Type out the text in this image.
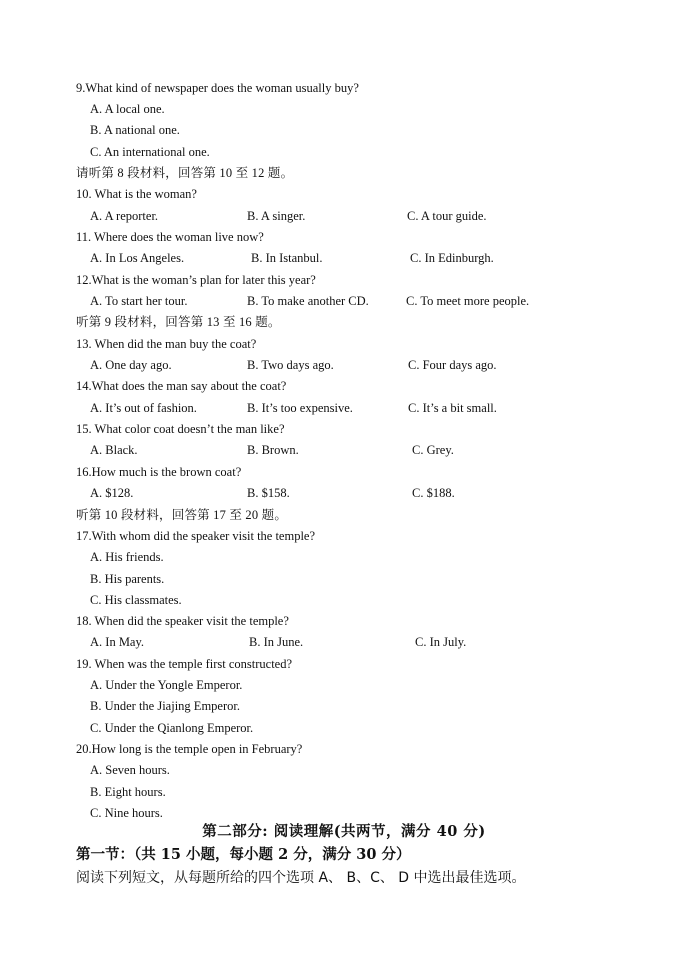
9.What kind of newspaper does the woman usually buy?
A. A local one.
B. A national one.
C. An international one.
请听第 8 段材料，回答第 10 至 12 题。
10. What is the woman?
A. A reporter.	B. A singer.	C. A tour guide.
11. Where does the woman live now?
A. In Los Angeles.	B. In Istanbul.	C. In Edinburgh.
12.What is the woman’s plan for later this year?
A. To start her tour.	B. To make another CD.	C. To meet more people.
听第 9 段材料，回答第 13 至 16 题。
13. When did the man buy the coat?
A. One day ago.	B. Two days ago.	C. Four days ago.
14.What does the man say about the coat?
A. It’s out of fashion.	B. It’s too expensive.	C. It’s a bit small.
15. What color coat doesn’t the man like?
A. Black.	B. Brown.	C. Grey.
16.How much is the brown coat?
A. $128.	B. $158.	C. $188.
听第 10 段材料，回答第 17 至 20 题。
17.With whom did the speaker visit the temple?
A. His friends.
B. His parents.
C. His classmates.
18. When did the speaker visit the temple?
A. In May.	B. In June.	C. In July.
19. When was the temple first constructed?
A. Under the Yongle Emperor.
B. Under the Jiajing Emperor.
C. Under the Qianlong Emperor.
20.How long is the temple open in February?
A. Seven hours.
B. Eight hours.
C. Nine hours.
第二部分: 阅读理解(共两节，满分 40 分)
第一节：（共 15 小题，每小题 2 分，满分 30 分）
阅读下列短文，从每题所给的四个选项 A、 B、C、 D 中选出最佳选项。
